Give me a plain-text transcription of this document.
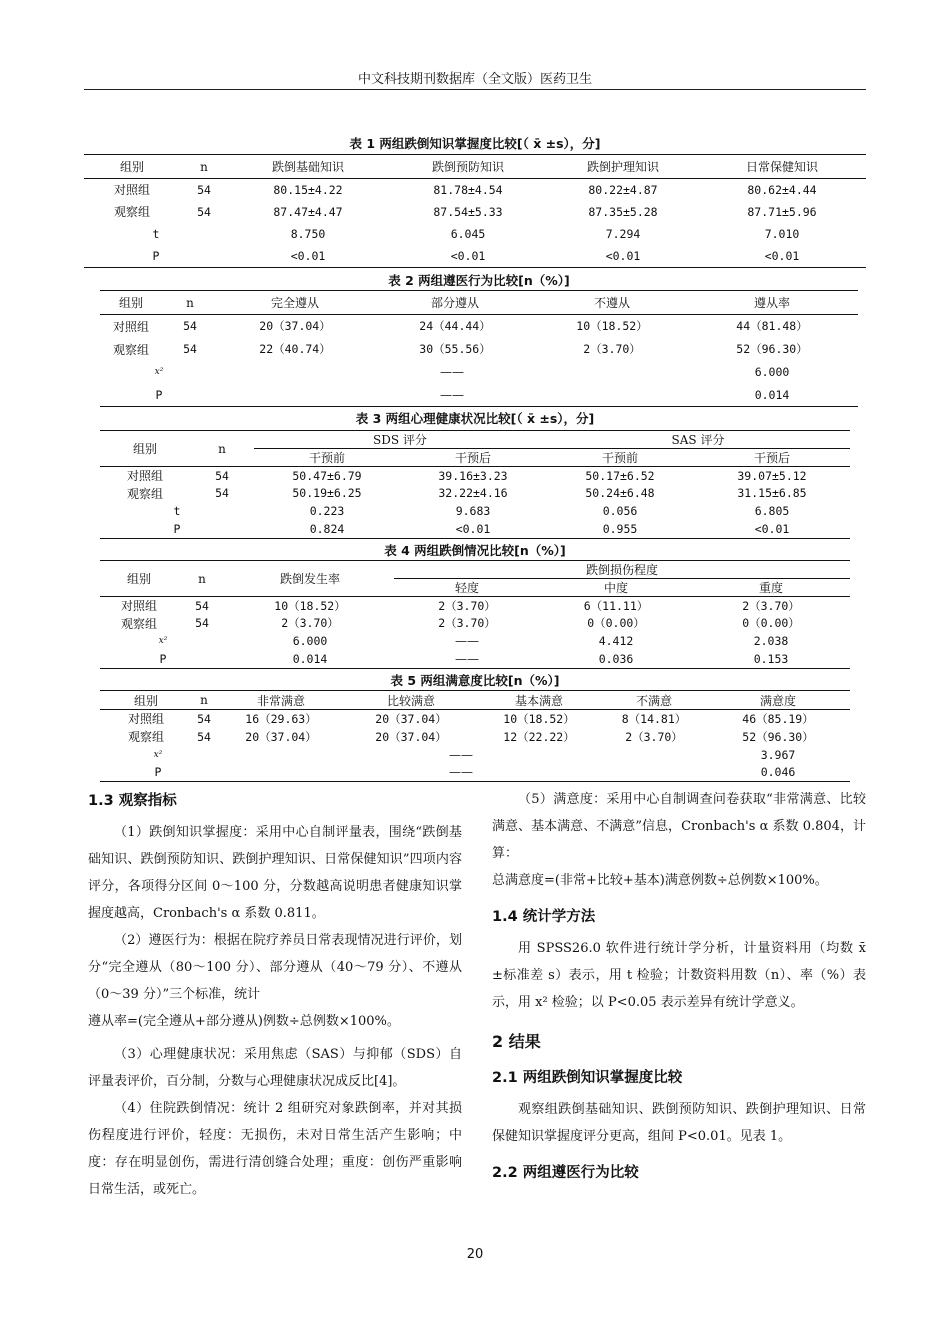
中文科技期刊数据库（全文版）医药卫生
表 1 两组跌倒知识掌握度比较[（ x̄ ±s），分]
组别	n	跌倒基础知识	跌倒预防知识	跌倒护理知识	日常保健知识
对照组	54	80.15±4.22	81.78±4.54	80.22±4.87	80.62±4.44
观察组	54	87.47±4.47	87.54±5.33	87.35±5.28	87.71±5.96
t		8.750	6.045	7.294	7.010
P		<0.01	<0.01	<0.01	<0.01
表 2 两组遵医行为比较[n（%）]
组别	n	完全遵从	部分遵从	不遵从	遵从率
对照组	54	20（37.04）	24（44.44）	10（18.52）	44（81.48）
观察组	54	22（40.74）	30（55.56）	2（3.70）	52（96.30）
x²		——			6.000
P		——			0.014
表 3 两组心理健康状况比较[（ x̄ ±s），分]
组别	n	SDS 评分		SAS 评分	
		干预前	干预后	干预前	干预后
对照组	54	50.47±6.79	39.16±3.23	50.17±6.52	39.07±5.12
观察组	54	50.19±6.25	32.22±4.16	50.24±6.48	31.15±6.85
t		0.223	9.683	0.056	6.805
P		0.824	<0.01	0.955	<0.01
表 4 两组跌倒情况比较[n（%）]
组别	n	跌倒发生率	跌倒损伤程度		
			轻度	中度	重度
对照组	54	10（18.52）	2（3.70）	6（11.11）	2（3.70）
观察组	54	2（3.70）	2（3.70）	0（0.00）	0（0.00）
x²		6.000	——	4.412	2.038
P		0.014	——	0.036	0.153
表 5 两组满意度比较[n（%）]
组别	n	非常满意	比较满意	基本满意	不满意	满意度
对照组	54	16（29.63）	20（37.04）	10（18.52）	8（14.81）	46（85.19）
观察组	54	20（37.04）	20（37.04）	12（22.22）	2（3.70）	52（96.30）
x²		——				3.967
P		——				0.046
1.3 观察指标

（1）跌倒知识掌握度：采用中心自制评量表，围绕“跌倒基础知识、跌倒预防知识、跌倒护理知识、日常保健知识”四项内容评分，各项得分区间 0～100 分，分数越高说明患者健康知识掌握度越高，Cronbach's α 系数 0.811。

（2）遵医行为：根据在院疗养员日常表现情况进行评价，划分“完全遵从（80～100 分）、部分遵从（40～79 分）、不遵从（0～39 分）”三个标准，统计

遵从率=(完全遵从+部分遵从)例数÷总例数×100%。

（3）心理健康状况：采用焦虑（SAS）与抑郁（SDS）自评量表评价，百分制，分数与心理健康状况成反比[4]。

（4）住院跌倒情况：统计 2 组研究对象跌倒率，并对其损伤程度进行评价，轻度：无损伤，未对日常生活产生影响；中度：存在明显创伤，需进行清创缝合处理；重度：创伤严重影响日常生活，或死亡。

（5）满意度：采用中心自制调查问卷获取“非常满意、比较满意、基本满意、不满意”信息，Cronbach's α 系数 0.804，计算：

总满意度=(非常+比较+基本)满意例数÷总例数×100%。

1.4 统计学方法

用 SPSS26.0 软件进行统计学分析，计量资料用（均数 x̄ ±标准差 s）表示，用 t 检验；计数资料用数（n）、率（%）表示，用 x² 检验；以 P<0.05 表示差异有统计学意义。

2 结果
2.1 两组跌倒知识掌握度比较

观察组跌倒基础知识、跌倒预防知识、跌倒护理知识、日常保健知识掌握度评分更高，组间 P<0.01。见表 1。

2.2 两组遵医行为比较
20
